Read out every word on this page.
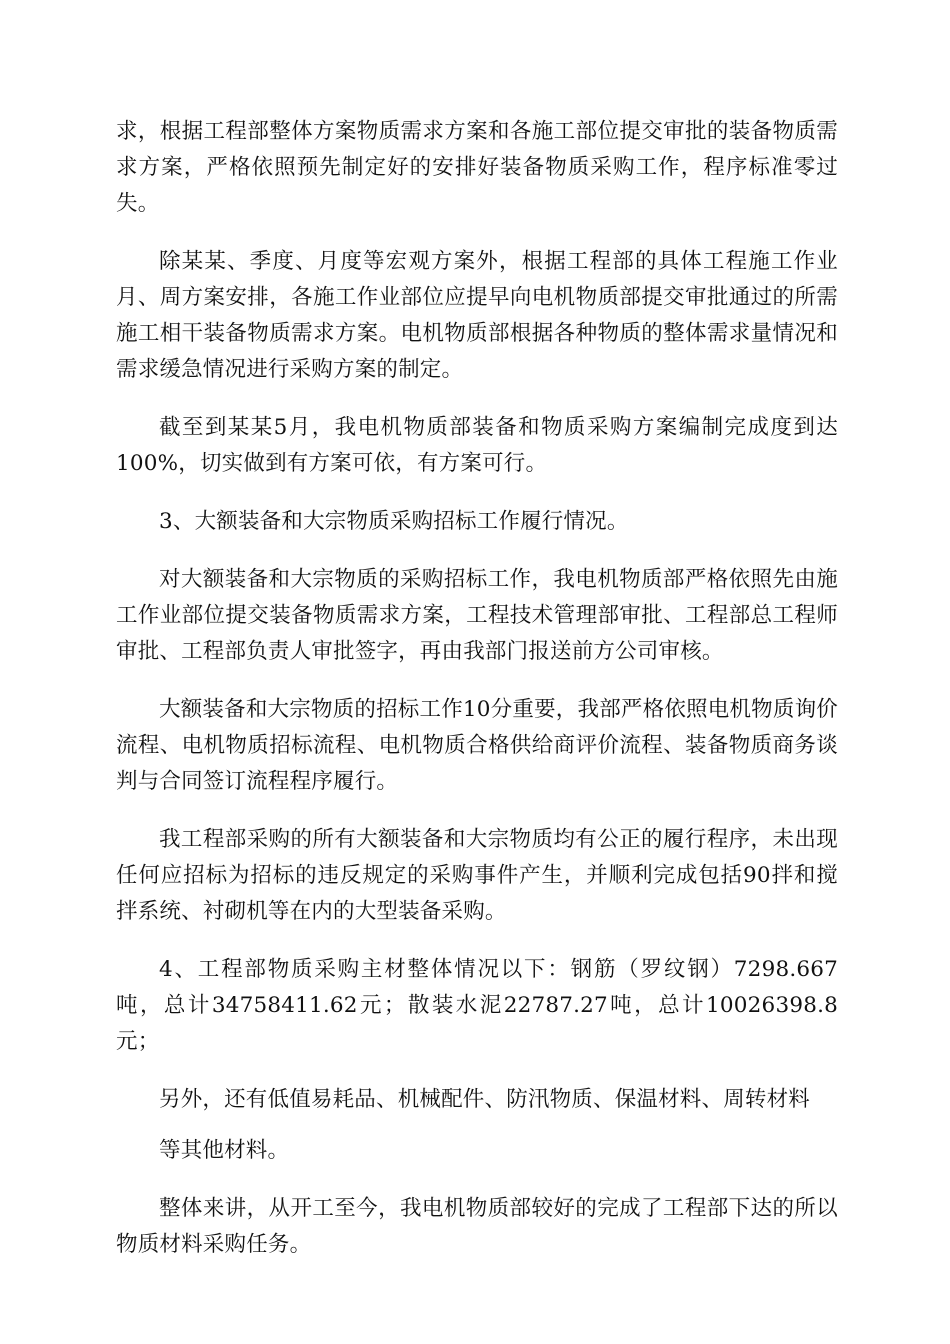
求，根据工程部整体方案物质需求方案和各施工部位提交审批的装备物质需求方案，严格依照预先制定好的安排好装备物质采购工作，程序标准零过失。

除某某、季度、月度等宏观方案外，根据工程部的具体工程施工作业月、周方案安排，各施工作业部位应提早向电机物质部提交审批通过的所需施工相干装备物质需求方案。电机物质部根据各种物质的整体需求量情况和需求缓急情况进行采购方案的制定。

截至到某某5月，我电机物质部装备和物质采购方案编制完成度到达100%，切实做到有方案可依，有方案可行。

3、大额装备和大宗物质采购招标工作履行情况。

对大额装备和大宗物质的采购招标工作，我电机物质部严格依照先由施工作业部位提交装备物质需求方案，工程技术管理部审批、工程部总工程师审批、工程部负责人审批签字，再由我部门报送前方公司审核。

大额装备和大宗物质的招标工作10分重要，我部严格依照电机物质询价流程、电机物质招标流程、电机物质合格供给商评价流程、装备物质商务谈判与合同签订流程程序履行。

我工程部采购的所有大额装备和大宗物质均有公正的履行程序，未出现任何应招标为招标的违反规定的采购事件产生，并顺利完成包括90拌和搅拌系统、衬砌机等在内的大型装备采购。

4、工程部物质采购主材整体情况以下：钢筋（罗纹钢）7298.667吨，总计34758411.62元；散装水泥22787.27吨，总计10026398.8元；

另外，还有低值易耗品、机械配件、防汛物质、保温材料、周转材料

等其他材料。

整体来讲，从开工至今，我电机物质部较好的完成了工程部下达的所以物质材料采购任务。
